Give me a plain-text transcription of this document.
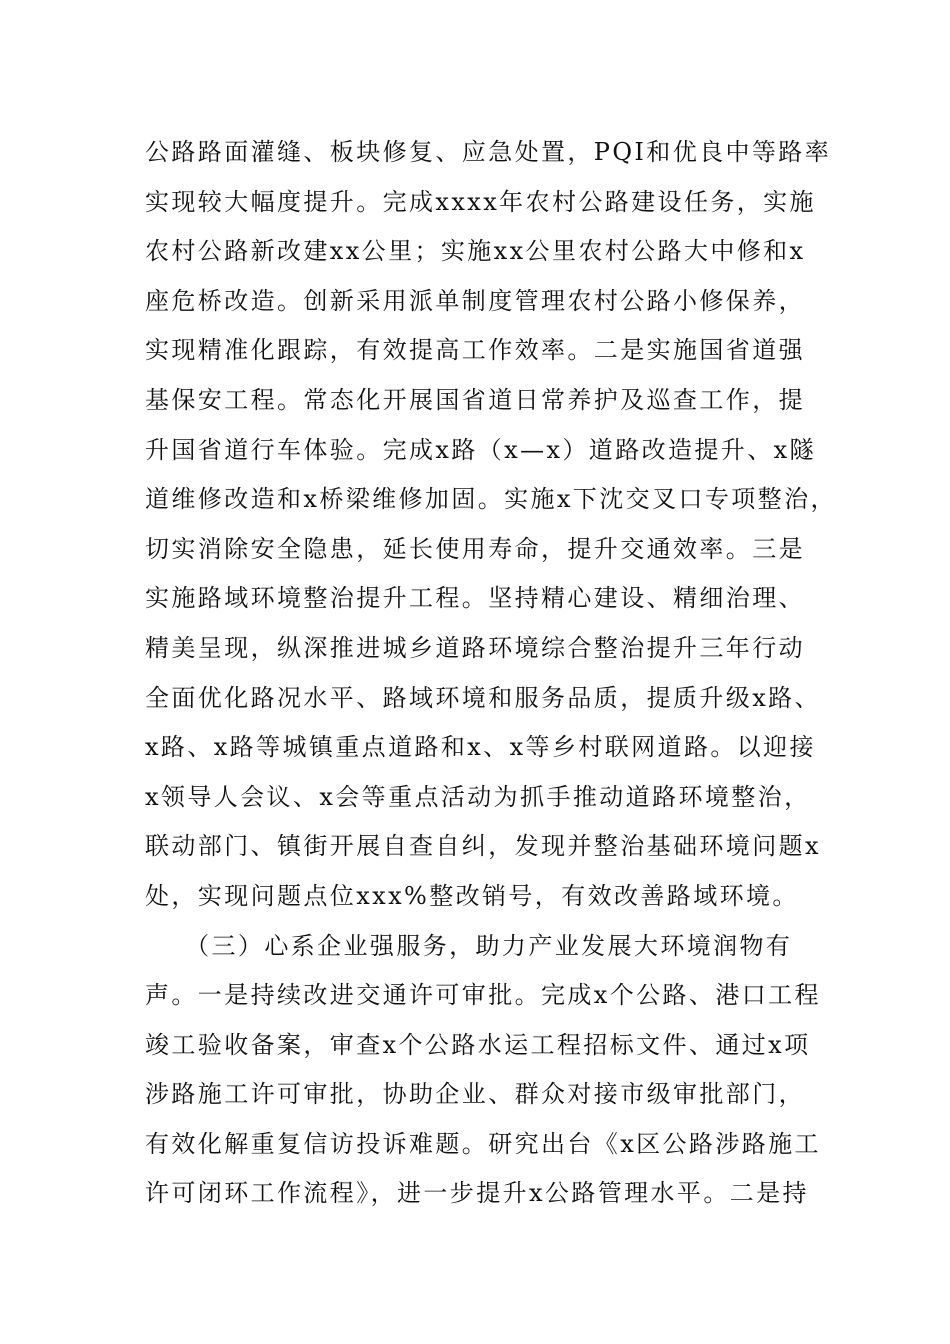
公路路面灌缝、板块修复、应急处置，PQI和优良中等路率
实现较大幅度提升。完成xxxx年农村公路建设任务，实施
农村公路新改建xx公里；实施xx公里农村公路大中修和x
座危桥改造。创新采用派单制度管理农村公路小修保养，
实现精准化跟踪，有效提高工作效率。二是实施国省道强
基保安工程。常态化开展国省道日常养护及巡查工作，提
升国省道行车体验。完成x路（x—x）道路改造提升、x隧
道维修改造和x桥梁维修加固。实施x下沈交叉口专项整治，
切实消除安全隐患，延长使用寿命，提升交通效率。三是
实施路域环境整治提升工程。坚持精心建设、精细治理、
精美呈现，纵深推进城乡道路环境综合整治提升三年行动
全面优化路况水平、路域环境和服务品质，提质升级x路、
x路、x路等城镇重点道路和x、x等乡村联网道路。以迎接
x领导人会议、x会等重点活动为抓手推动道路环境整治，
联动部门、镇街开展自查自纠，发现并整治基础环境问题x
处，实现问题点位xxx%整改销号，有效改善路域环境。
（三）心系企业强服务，助力产业发展大环境润物有
声。一是持续改进交通许可审批。完成x个公路、港口工程
竣工验收备案，审查x个公路水运工程招标文件、通过x项
涉路施工许可审批，协助企业、群众对接市级审批部门，
有效化解重复信访投诉难题。研究出台《x区公路涉路施工
许可闭环工作流程》，进一步提升x公路管理水平。二是持
